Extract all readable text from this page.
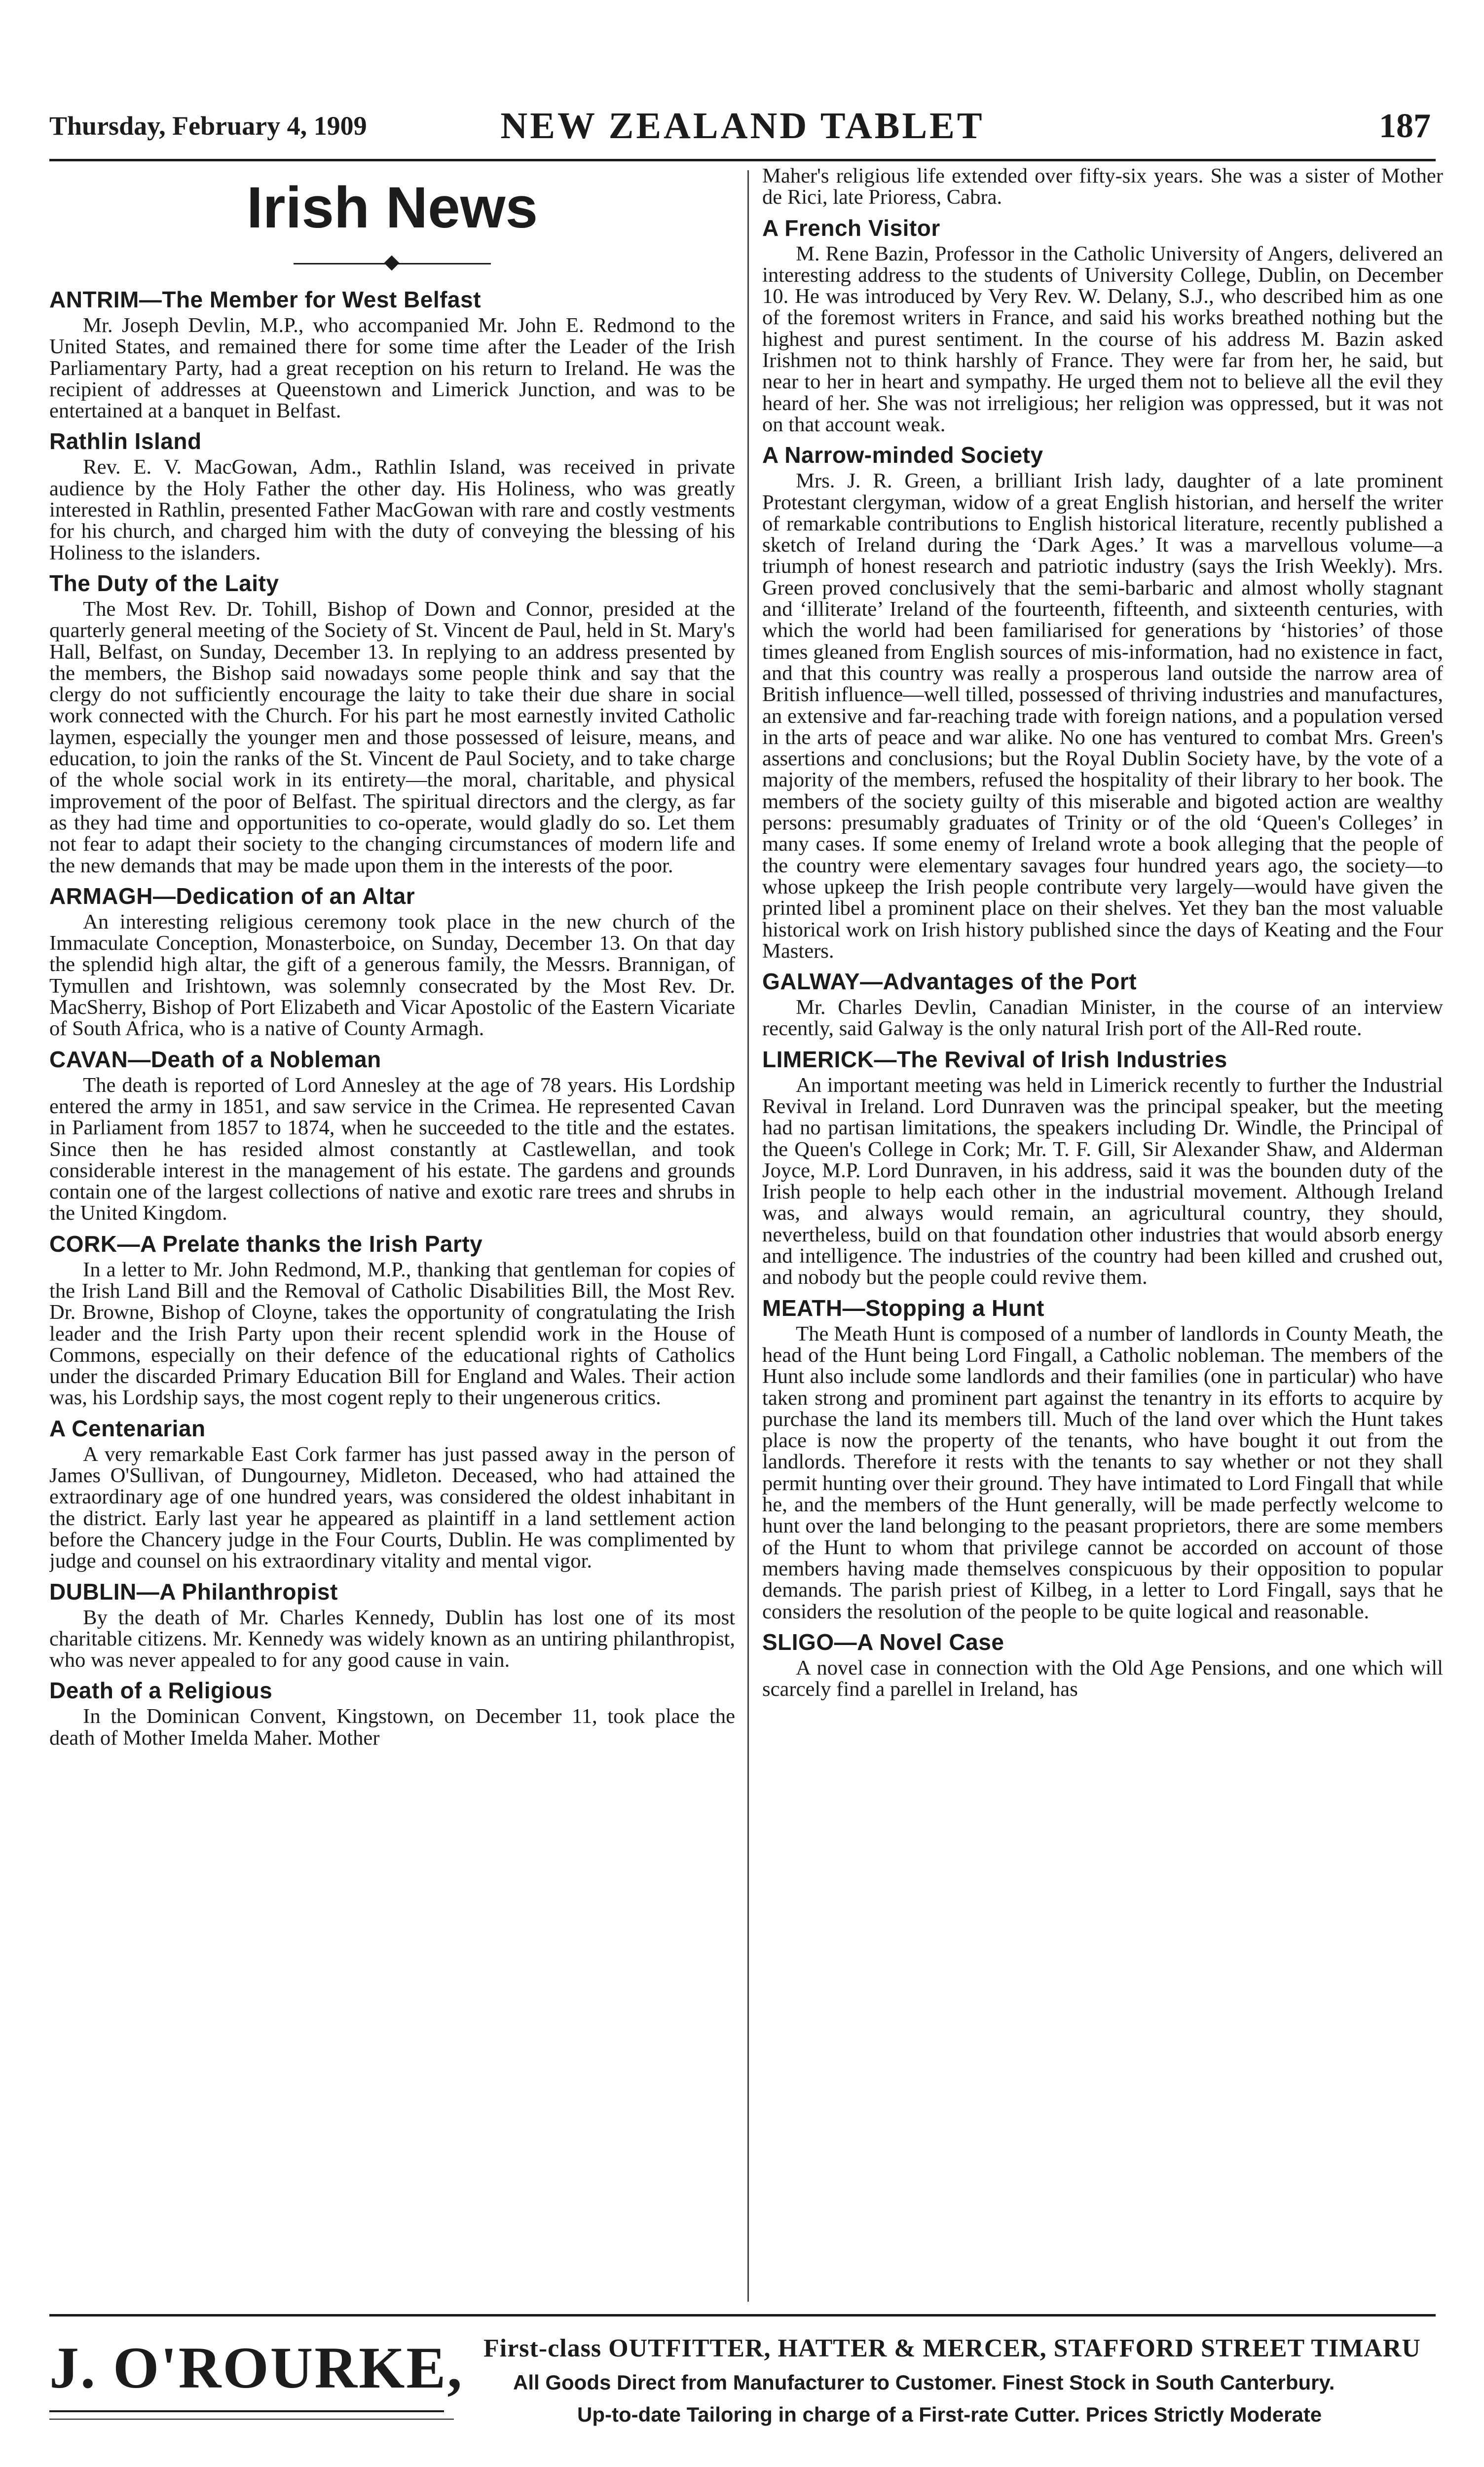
Thursday, February 4, 1909	NEW ZEALAND TABLET	187
Irish News
ANTRIM—The Member for West Belfast

Mr. Joseph Devlin, M.P., who accompanied Mr. John E. Redmond to the United States, and remained there for some time after the Leader of the Irish Parliamentary Party, had a great reception on his return to Ireland. He was the recipient of addresses at Queenstown and Limerick Junction, and was to be entertained at a banquet in Belfast.

Rathlin Island

Rev. E. V. MacGowan, Adm., Rathlin Island, was received in private audience by the Holy Father the other day. His Holiness, who was greatly interested in Rathlin, presented Father MacGowan with rare and costly vestments for his church, and charged him with the duty of conveying the blessing of his Holiness to the islanders.

The Duty of the Laity

The Most Rev. Dr. Tohill, Bishop of Down and Connor, presided at the quarterly general meeting of the Society of St. Vincent de Paul, held in St. Mary's Hall, Belfast, on Sunday, December 13. In replying to an address presented by the members, the Bishop said nowadays some people think and say that the clergy do not sufficiently encourage the laity to take their due share in social work connected with the Church. For his part he most earnestly invited Catholic laymen, especially the younger men and those possessed of leisure, means, and education, to join the ranks of the St. Vincent de Paul Society, and to take charge of the whole social work in its entirety—the moral, charitable, and physical improvement of the poor of Belfast. The spiritual directors and the clergy, as far as they had time and opportunities to co-operate, would gladly do so. Let them not fear to adapt their society to the changing circumstances of modern life and the new demands that may be made upon them in the interests of the poor.

ARMAGH—Dedication of an Altar

An interesting religious ceremony took place in the new church of the Immaculate Conception, Monasterboice, on Sunday, December 13. On that day the splendid high altar, the gift of a generous family, the Messrs. Brannigan, of Tymullen and Irishtown, was solemnly consecrated by the Most Rev. Dr. MacSherry, Bishop of Port Elizabeth and Vicar Apostolic of the Eastern Vicariate of South Africa, who is a native of County Armagh.

CAVAN—Death of a Nobleman

The death is reported of Lord Annesley at the age of 78 years. His Lordship entered the army in 1851, and saw service in the Crimea. He represented Cavan in Parliament from 1857 to 1874, when he succeeded to the title and the estates. Since then he has resided almost constantly at Castlewellan, and took considerable interest in the management of his estate. The gardens and grounds contain one of the largest collections of native and exotic rare trees and shrubs in the United Kingdom.

CORK—A Prelate thanks the Irish Party

In a letter to Mr. John Redmond, M.P., thanking that gentleman for copies of the Irish Land Bill and the Removal of Catholic Disabilities Bill, the Most Rev. Dr. Browne, Bishop of Cloyne, takes the opportunity of congratulating the Irish leader and the Irish Party upon their recent splendid work in the House of Commons, especially on their defence of the educational rights of Catholics under the discarded Primary Education Bill for England and Wales. Their action was, his Lordship says, the most cogent reply to their ungenerous critics.

A Centenarian

A very remarkable East Cork farmer has just passed away in the person of James O'Sullivan, of Dungourney, Midleton. Deceased, who had attained the extraordinary age of one hundred years, was considered the oldest inhabitant in the district. Early last year he appeared as plaintiff in a land settlement action before the Chancery judge in the Four Courts, Dublin. He was complimented by judge and counsel on his extraordinary vitality and mental vigor.

DUBLIN—A Philanthropist

By the death of Mr. Charles Kennedy, Dublin has lost one of its most charitable citizens. Mr. Kennedy was widely known as an untiring philanthropist, who was never appealed to for any good cause in vain.

Death of a Religious

In the Dominican Convent, Kingstown, on December 11, took place the death of Mother Imelda Maher. Mother

Maher's religious life extended over fifty-six years. She was a sister of Mother de Rici, late Prioress, Cabra.

A French Visitor

M. Rene Bazin, Professor in the Catholic University of Angers, delivered an interesting address to the students of University College, Dublin, on December 10. He was introduced by Very Rev. W. Delany, S.J., who described him as one of the foremost writers in France, and said his works breathed nothing but the highest and purest sentiment. In the course of his address M. Bazin asked Irishmen not to think harshly of France. They were far from her, he said, but near to her in heart and sympathy. He urged them not to believe all the evil they heard of her. She was not irreligious; her religion was oppressed, but it was not on that account weak.

A Narrow-minded Society

Mrs. J. R. Green, a brilliant Irish lady, daughter of a late prominent Protestant clergyman, widow of a great English historian, and herself the writer of remarkable contributions to English historical literature, recently published a sketch of Ireland during the ‘Dark Ages.’ It was a marvellous volume—a triumph of honest research and patriotic industry (says the Irish Weekly). Mrs. Green proved conclusively that the semi-barbaric and almost wholly stagnant and ‘illiterate’ Ireland of the fourteenth, fifteenth, and sixteenth centuries, with which the world had been familiarised for generations by ‘histories’ of those times gleaned from English sources of mis-information, had no existence in fact, and that this country was really a prosperous land outside the narrow area of British influence—well tilled, possessed of thriving industries and manufactures, an extensive and far-reaching trade with foreign nations, and a population versed in the arts of peace and war alike. No one has ventured to combat Mrs. Green's assertions and conclusions; but the Royal Dublin Society have, by the vote of a majority of the members, refused the hospitality of their library to her book. The members of the society guilty of this miserable and bigoted action are wealthy persons: presumably graduates of Trinity or of the old ‘Queen's Colleges’ in many cases. If some enemy of Ireland wrote a book alleging that the people of the country were elementary savages four hundred years ago, the society—to whose upkeep the Irish people contribute very largely—would have given the printed libel a prominent place on their shelves. Yet they ban the most valuable historical work on Irish history published since the days of Keating and the Four Masters.

GALWAY—Advantages of the Port

Mr. Charles Devlin, Canadian Minister, in the course of an interview recently, said Galway is the only natural Irish port of the All-Red route.

LIMERICK—The Revival of Irish Industries

An important meeting was held in Limerick recently to further the Industrial Revival in Ireland. Lord Dunraven was the principal speaker, but the meeting had no partisan limitations, the speakers including Dr. Windle, the Principal of the Queen's College in Cork; Mr. T. F. Gill, Sir Alexander Shaw, and Alderman Joyce, M.P. Lord Dunraven, in his address, said it was the bounden duty of the Irish people to help each other in the industrial movement. Although Ireland was, and always would remain, an agricultural country, they should, nevertheless, build on that foundation other industries that would absorb energy and intelligence. The industries of the country had been killed and crushed out, and nobody but the people could revive them.

MEATH—Stopping a Hunt

The Meath Hunt is composed of a number of landlords in County Meath, the head of the Hunt being Lord Fingall, a Catholic nobleman. The members of the Hunt also include some landlords and their families (one in particular) who have taken strong and prominent part against the tenantry in its efforts to acquire by purchase the land its members till. Much of the land over which the Hunt takes place is now the property of the tenants, who have bought it out from the landlords. Therefore it rests with the tenants to say whether or not they shall permit hunting over their ground. They have intimated to Lord Fingall that while he, and the members of the Hunt generally, will be made perfectly welcome to hunt over the land belonging to the peasant proprietors, there are some members of the Hunt to whom that privilege cannot be accorded on account of those members having made themselves conspicuous by their opposition to popular demands. The parish priest of Kilbeg, in a letter to Lord Fingall, says that he considers the resolution of the people to be quite logical and reasonable.

SLIGO—A Novel Case

A novel case in connection with the Old Age Pensions, and one which will scarcely find a parellel in Ireland, has

J. O'ROURKE, First-class OUTFITTER, HATTER & MERCER, STAFFORD STREET TIMARU
All Goods Direct from Manufacturer to Customer. Finest Stock in South Canterbury.
Up-to-date Tailoring in charge of a First-rate Cutter. Prices Strictly Moderate
